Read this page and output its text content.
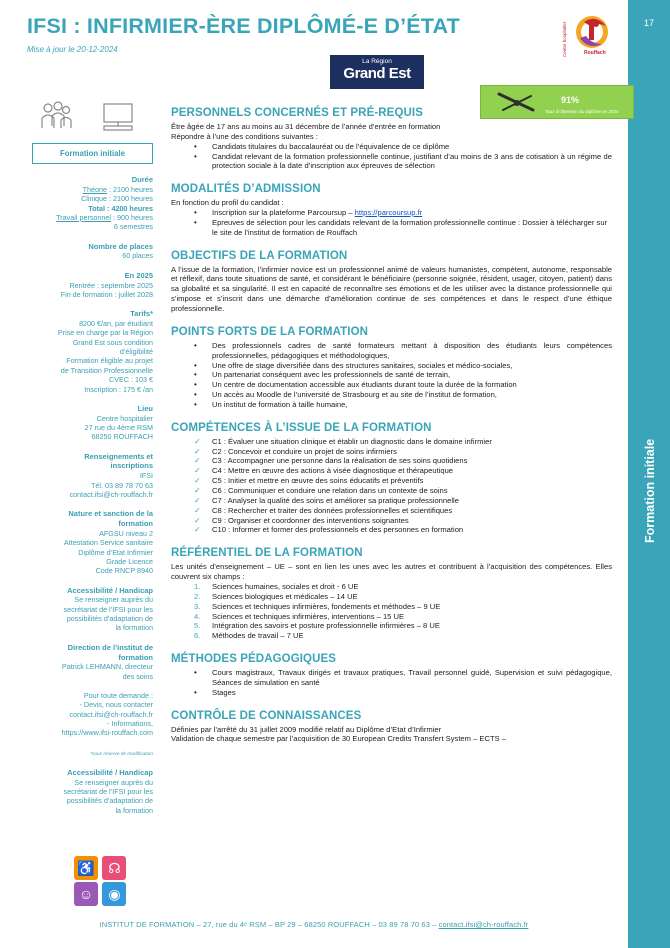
IFSI : INFIRMIER-ÈRE DIPLÔMÉ-E D’ÉTAT
Mise à jour le 20-12-2024
La Région
Grand Est
Centre hospitalier	Rouffach
17
Formation initiale
91%
Taux d’obtention du diplôme en 2024
Formation initiale
Durée
Théorie : 2100 heures
Clinique : 2100 heures
Total : 4200 heures
Travail personnel : 900 heures
6 semestres
Nombre de places
60 places
En 2025
Rentrée : septembre 2025
Fin de formation : juillet 2028
Tarifs*
8200 €/an, par étudiant
Prise en charge par la Région
Grand Est sous condition
d’éligibilité
Formation éligible au projet
de Transition Professionnelle
CVEC : 103 €
Inscription : 175 € /an
Lieu
Centre hospitalier
27 rue du 4ème RSM
68250 ROUFFACH
Renseignements et
inscriptions
IFSI
Tél. 03 89 78 70 63
contact.ifsi@ch-rouffach.fr
Nature et sanction de la
formation
AFGSU niveau 2
Attestation Service sanitaire
Diplôme d’Etat Infirmier
Grade Licence
Code RNCP 8940
Accessibilité / Handicap
Se renseigner auprès du
secrétariat de l’IFSI pour les
possibilités d’adaptation de
la formation
Direction de l’institut de
formation
Patrick LEHMANN, directeur
des soins
Pour toute demande :
- Devis, nous contacter
contact.ifsi@ch-rouffach.fr
- Informations,
https://www.ifsi-rouffach.com
*sous réserve de modification
Accessibilité / Handicap
Se renseigner auprès du
secrétariat de l’IFSI pour les
possibilités d’adaptation de
la formation
♿ ☊ ☺ ◉
PERSONNELS CONCERNÉS ET PRÉ-REQUIS
Être âgée de 17 ans au moins au 31 décembre de l’année d’entrée en formation
Répondre à l’une des conditions suivantes :
• Candidats titulaires du baccalauréat ou de l’équivalence de ce diplôme
• Candidat relevant de la formation professionnelle continue, justifiant d’au moins de 3 ans de cotisation à un régime de protection sociale à la date d’inscription aux épreuves de sélection
MODALITÉS D’ADMISSION
En fonction du profil du candidat :
• Inscription sur la plateforme Parcoursup – https://parcoursup.fr
• Epreuves de sélection pour les candidats relevant de la formation professionnelle continue : Dossier à télécharger sur le site de l’institut de formation de Rouffach
OBJECTIFS DE LA FORMATION
A l’issue de la formation, l’infirmier novice est un professionnel animé de valeurs humanistes, compétent, autonome, responsable et réflexif, dans toute situations de santé, et considérant le bénéficiaire (personne soignée, résident, usager, citoyen, patient) dans sa globalité et sa singularité. Il est en capacité de reconnaître ses émotions et de les utiliser avec la distance professionnelle qui s’impose et s’inscrit dans une démarche d’amélioration continue de ses compétences et dans le respect d’une éthique professionnelle.
POINTS FORTS DE LA FORMATION
• Des professionnels cadres de santé formateurs mettant à disposition des étudiants leurs compétences professionnelles, pédagogiques et méthodologiques,
• Une offre de stage diversifiée dans des structures sanitaires, sociales et médico-sociales,
• Un partenariat conséquent avec les professionnels de santé de terrain,
• Un centre de documentation accessible aux étudiants durant toute la durée de la formation
• Un accès au Moodle de l’université de Strasbourg et au site de l’institut de formation,
• Un institut de formation à taille humaine,
COMPÉTENCES À L’ISSUE DE LA FORMATION
✓ C1 : Évaluer une situation clinique et établir un diagnostic dans le domaine infirmier
✓ C2 : Concevoir et conduire un projet de soins infirmiers
✓ C3 : Accompagner une personne dans la réalisation de ses soins quotidiens
✓ C4 : Mettre en œuvre des actions à visée diagnostique et thérapeutique
✓ C5 : Initier et mettre en œuvre des soins éducatifs et préventifs
✓ C6 : Communiquer et conduire une relation dans un contexte de soins
✓ C7 : Analyser la qualité des soins et améliorer sa pratique professionnelle
✓ C8 : Rechercher et traiter des données professionnelles et scientifiques
✓ C9 : Organiser et coordonner des interventions soignantes
✓ C10 : Informer et former des professionnels et des personnes en formation
RÉFÉRENTIEL DE LA FORMATION
Les unités d’enseignement – UE – sont en lien les unes avec les autres et contribuent à l’acquisition des compétences. Elles couvrent six champs :
1. Sciences humaines, sociales et droit - 6 UE
2. Sciences biologiques et médicales – 14 UE
3. Sciences et techniques infirmières, fondements et méthodes – 9 UE
4. Sciences et techniques infirmières, interventions – 15 UE
5. Intégration des savoirs et posture professionnelle infirmières – 8 UE
6. Méthodes de travail – 7 UE
MÉTHODES PÉDAGOGIQUES
• Cours magistraux, Travaux dirigés et travaux pratiques, Travail personnel guidé, Supervision et suivi pédagogique, Séances de simulation en santé
• Stages
CONTRÔLE DE CONNAISSANCES
Définies par l’arrêté du 31 juillet 2009 modifié relatif au Diplôme d’Etat d’Infirmier
Validation de chaque semestre par l’acquisition de 30 European Credits Transfert System – ECTS –
INSTITUT DE FORMATION – 27, rue du 4ᵉ RSM – BP 29 – 68250 ROUFFACH – 03 89 78 70 63 – contact.ifsi@ch-rouffach.fr
